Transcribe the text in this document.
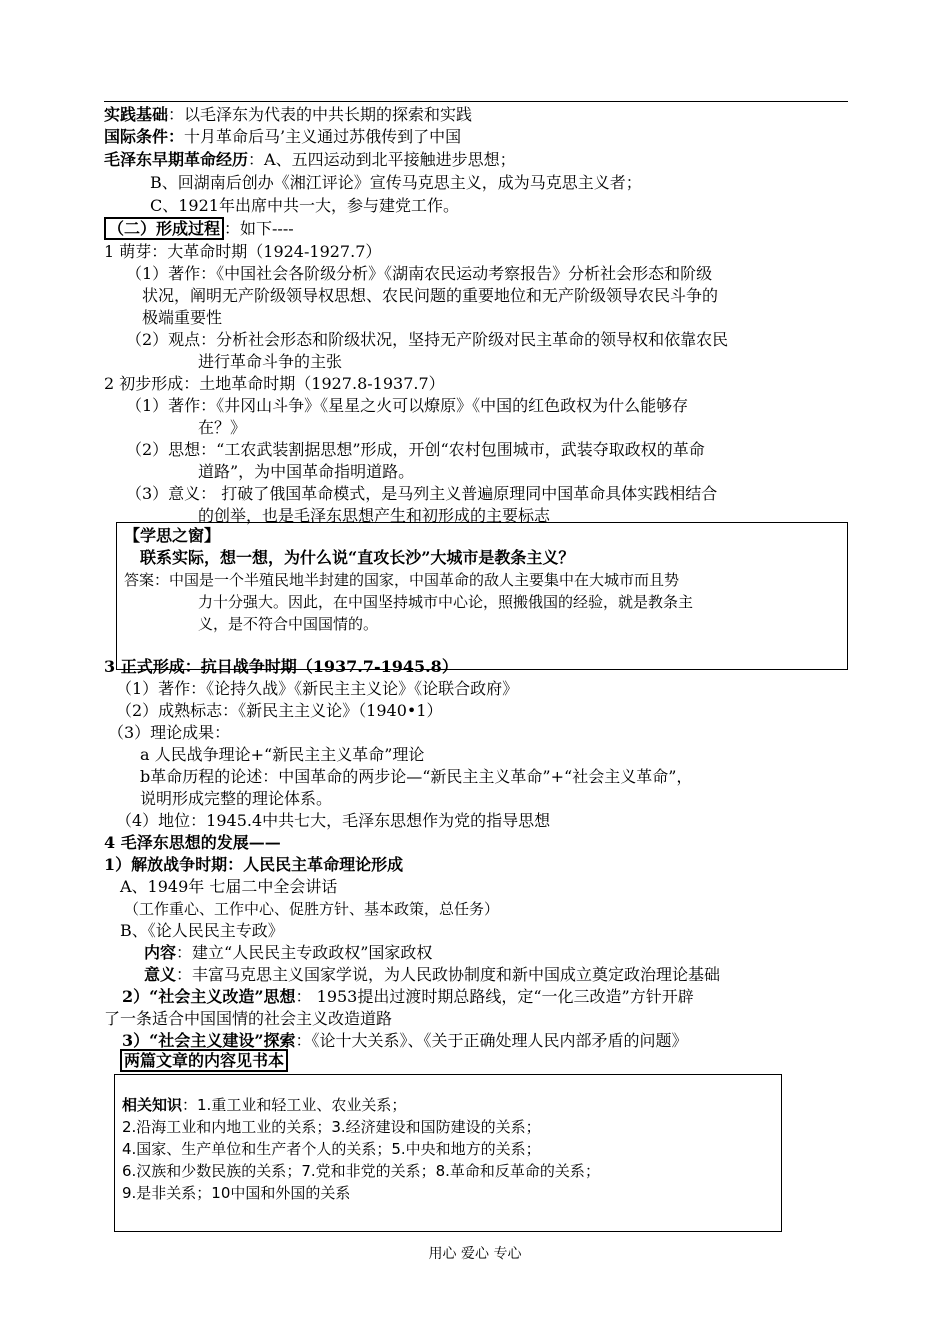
实践基础：以毛泽东为代表的中共长期的探索和实践
国际条件：十月革命后马’主义通过苏俄传到了中国
毛泽东早期革命经历：A、五四运动到北平接触进步思想；
B、回湖南后创办《湘江评论》宣传马克思主义，成为马克思主义者；
C、1921年出席中共一大，参与建党工作。
（二）形成过程 ：如下----
1 萌芽：大革命时期（1924-1927.7）
（1）著作：《中国社会各阶级分析》《湖南农民运动考察报告》分析社会形态和阶级
状况，阐明无产阶级领导权思想、农民问题的重要地位和无产阶级领导农民斗争的
极端重要性
（2）观点：分析社会形态和阶级状况，坚持无产阶级对民主革命的领导权和依靠农民
进行革命斗争的主张
2 初步形成：土地革命时期（1927.8-1937.7）
（1）著作：《井冈山斗争》《星星之火可以燎原》《中国的红色政权为什么能够存
在？》
（2）思想：“工农武装割据思想”形成，开创“农村包围城市，武装夺取政权的革命
道路”，为中国革命指明道路。
（3）意义： 打破了俄国革命模式，是马列主义普遍原理同中国革命具体实践相结合
的创举，也是毛泽东思想产生和初形成的主要标志
【学思之窗】
联系实际，想一想，为什么说“直攻长沙”大城市是教条主义？
答案：中国是一个半殖民地半封建的国家，中国革命的敌人主要集中在大城市而且势
力十分强大。因此，在中国坚持城市中心论，照搬俄国的经验，就是教条主
义，是不符合中国国情的。
3 正式形成：抗日战争时期（1937.7-1945.8）
（1）著作：《论持久战》《新民主主义论》《论联合政府》
（2）成熟标志：《新民主主义论》（1940•1）
（3）理论成果：
a 人民战争理论+“新民主主义革命”理论
b革命历程的论述：中国革命的两步论—“新民主主义革命”+“社会主义革命”，
说明形成完整的理论体系。
（4）地位：1945.4中共七大，毛泽东思想作为党的指导思想
4 毛泽东思想的发展——
1）解放战争时期：人民民主革命理论形成
A、1949年 七届二中全会讲话
（工作重心、工作中心、促胜方针、基本政策，总任务）
B、《论人民民主专政》
内容：建立“人民民主专政政权”国家政权
意义：丰富马克思主义国家学说，为人民政协制度和新中国成立奠定政治理论基础
2）“社会主义改造”思想： 1953提出过渡时期总路线，定“一化三改造”方针开辟
了一条适合中国国情的社会主义改造道路
3）“社会主义建设”探索：《论十大关系》、《关于正确处理人民内部矛盾的问题》
两篇文章的内容见书本
相关知识：1.重工业和轻工业、农业关系；
2.沿海工业和内地工业的关系；3.经济建设和国防建设的关系；
4.国家、生产单位和生产者个人的关系；5.中央和地方的关系；
6.汉族和少数民族的关系；7.党和非党的关系；8.革命和反革命的关系；
9.是非关系；10中国和外国的关系
用心 爱心 专心
